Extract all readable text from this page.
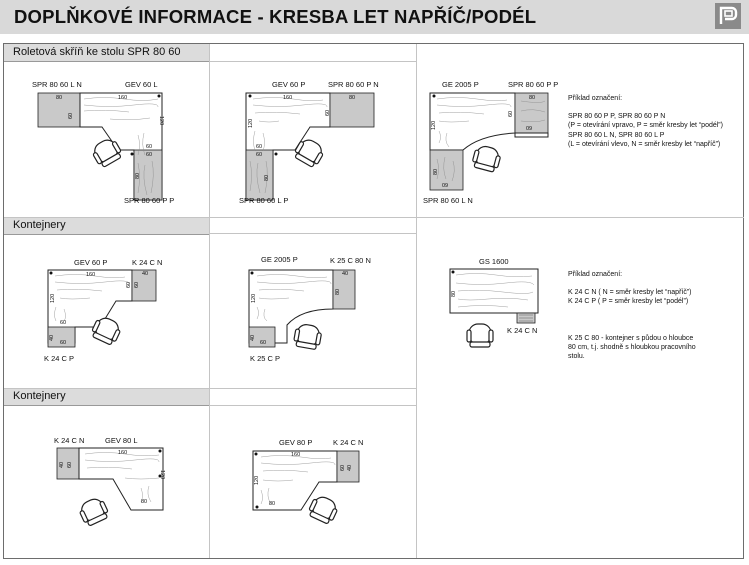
DOPLŇKOVÉ INFORMACE - KRESBA LET NAPŘÍČ/PODÉL
Roletová skříň ke stolu SPR 80 60
Kontejnery
Kontejnery
SPR 80 60 L N	GEV 60 L
SPR 80 60 P P
160
80
60
120
60
60
80
GEV 60 P	SPR 80 60 P N
SPR 80 60 L P
160	80
60
120
60
60
80
GE 2005 P	SPR 80 60 P P
SPR 80 60 L N
80
60
120	09
80
09
Příklad označení:
SPR 80 60 P P, SPR 80 60 P N
(P = otevírání vpravo, P = směr kresby let “podél”)
SPR 80 60 L N, SPR 80 60 L P
(L = otevírání vlevo, N = směr kresby let “napříč”)
GEV 60 P	K 24 C N
K 24 C P
160	40
60 60
120
60
40
60
GE 2005 P	K 25 C 80 N
K 25 C P
40
80
120
40
60
GS 1600
K 24 C N
80
Příklad označení:
K 24 C N ( N = směr kresby let “napříč”)
K 24 C P ( P = směr kresby let “podél”)
K 25 C 80 - kontejner s půdou o hloubce
80 cm, t.j. shodně s hloubkou pracovního
stolu.
K 24 C N	GEV 80 L
160
40 60
120
80
GEV 80 P	K 24 C N
160
40
60
120
80
